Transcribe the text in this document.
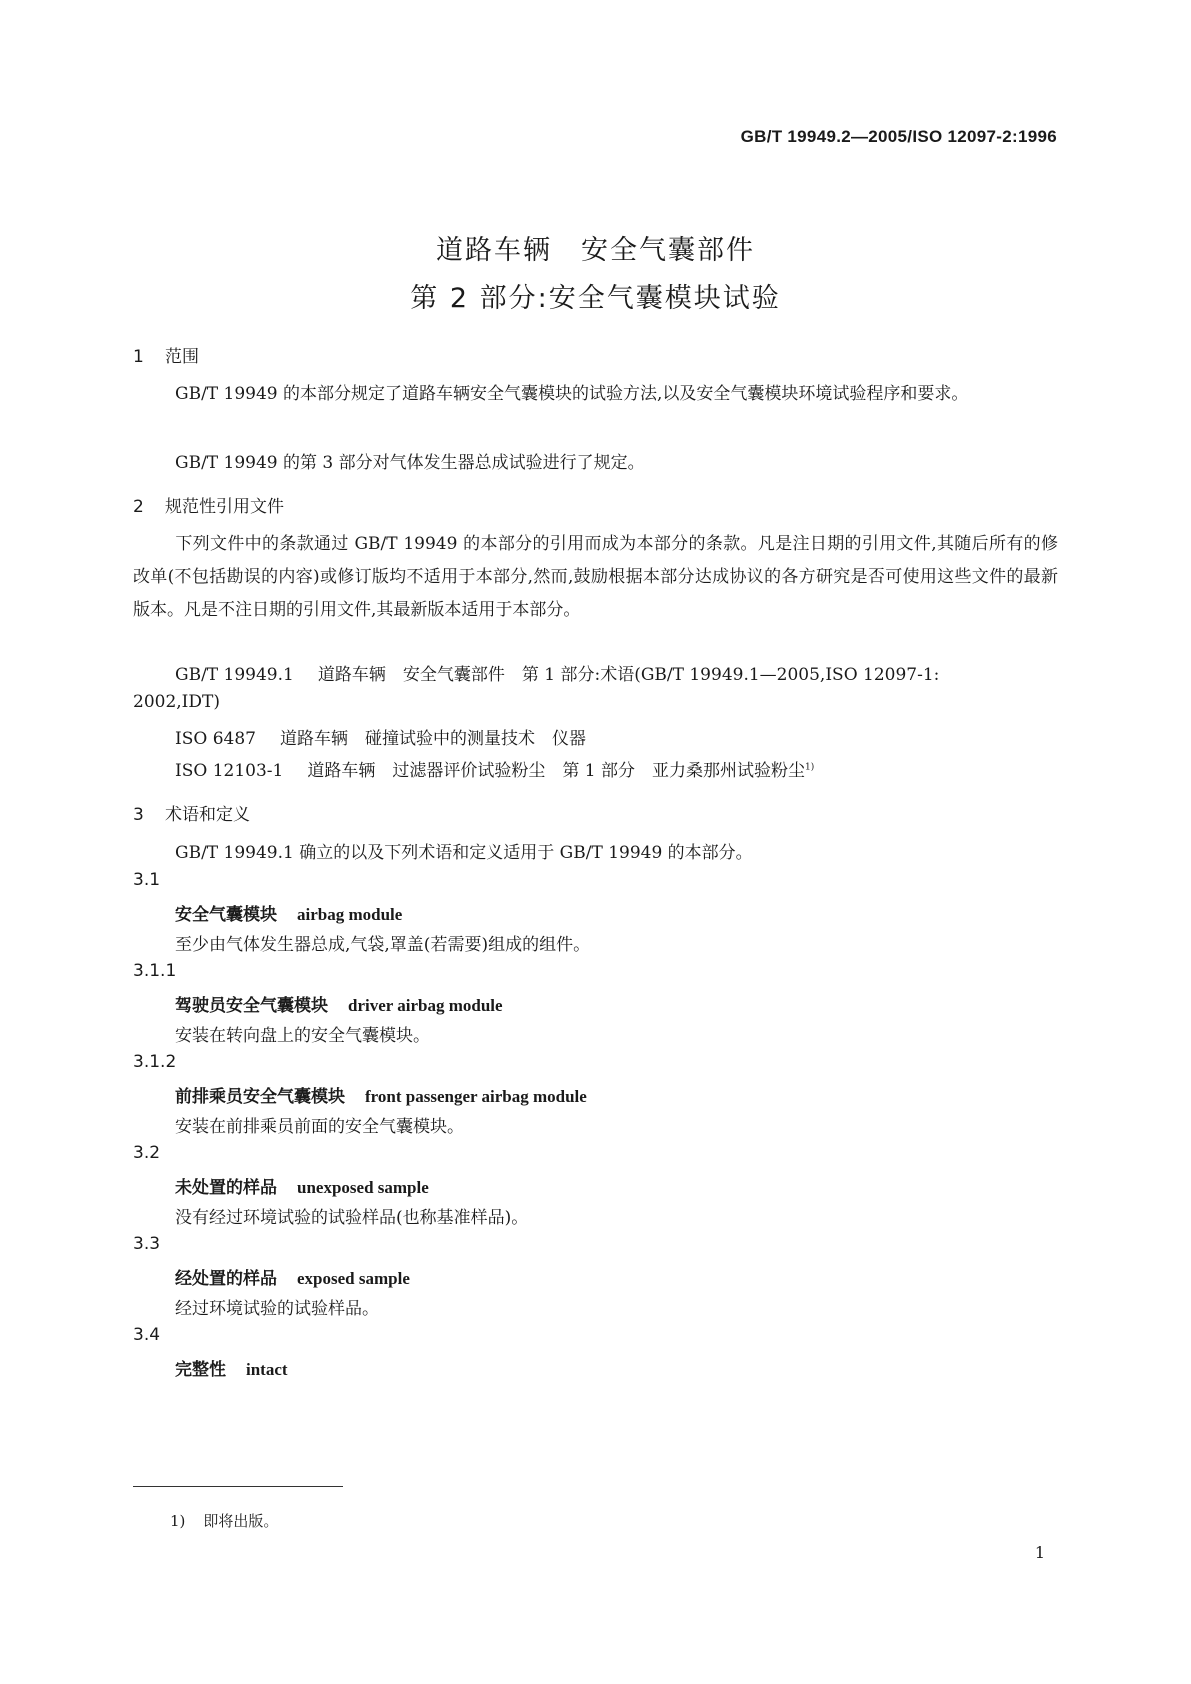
GB/T 19949.2—2005/ISO 12097-2:1996
道路车辆　安全气囊部件
第 2 部分:安全气囊模块试验
1 范围
GB/T 19949 的本部分规定了道路车辆安全气囊模块的试验方法,以及安全气囊模块环境试验程序和要求。
GB/T 19949 的第 3 部分对气体发生器总成试验进行了规定。
2 规范性引用文件
下列文件中的条款通过 GB/T 19949 的本部分的引用而成为本部分的条款。凡是注日期的引用文件,其随后所有的修改单(不包括勘误的内容)或修订版均不适用于本部分,然而,鼓励根据本部分达成协议的各方研究是否可使用这些文件的最新版本。凡是不注日期的引用文件,其最新版本适用于本部分。
GB/T 19949.1 道路车辆　安全气囊部件　第 1 部分:术语(GB/T 19949.1—2005,ISO 12097-1:
2002,IDT)
ISO 6487 道路车辆　碰撞试验中的测量技术　仪器
ISO 12103-1 道路车辆　过滤器评价试验粉尘　第 1 部分　亚力桑那州试验粉尘$^{1)}$
3 术语和定义
GB/T 19949.1 确立的以及下列术语和定义适用于 GB/T 19949 的本部分。
3.1
安全气囊模块 airbag module
至少由气体发生器总成,气袋,罩盖(若需要)组成的组件。
3.1.1
驾驶员安全气囊模块 driver airbag module
安装在转向盘上的安全气囊模块。
3.1.2
前排乘员安全气囊模块 front passenger airbag module
安装在前排乘员前面的安全气囊模块。
3.2
未处置的样品 unexposed sample
没有经过环境试验的试验样品(也称基准样品)。
3.3
经处置的样品 exposed sample
经过环境试验的试验样品。
3.4
完整性 intact
1) 即将出版。
1
